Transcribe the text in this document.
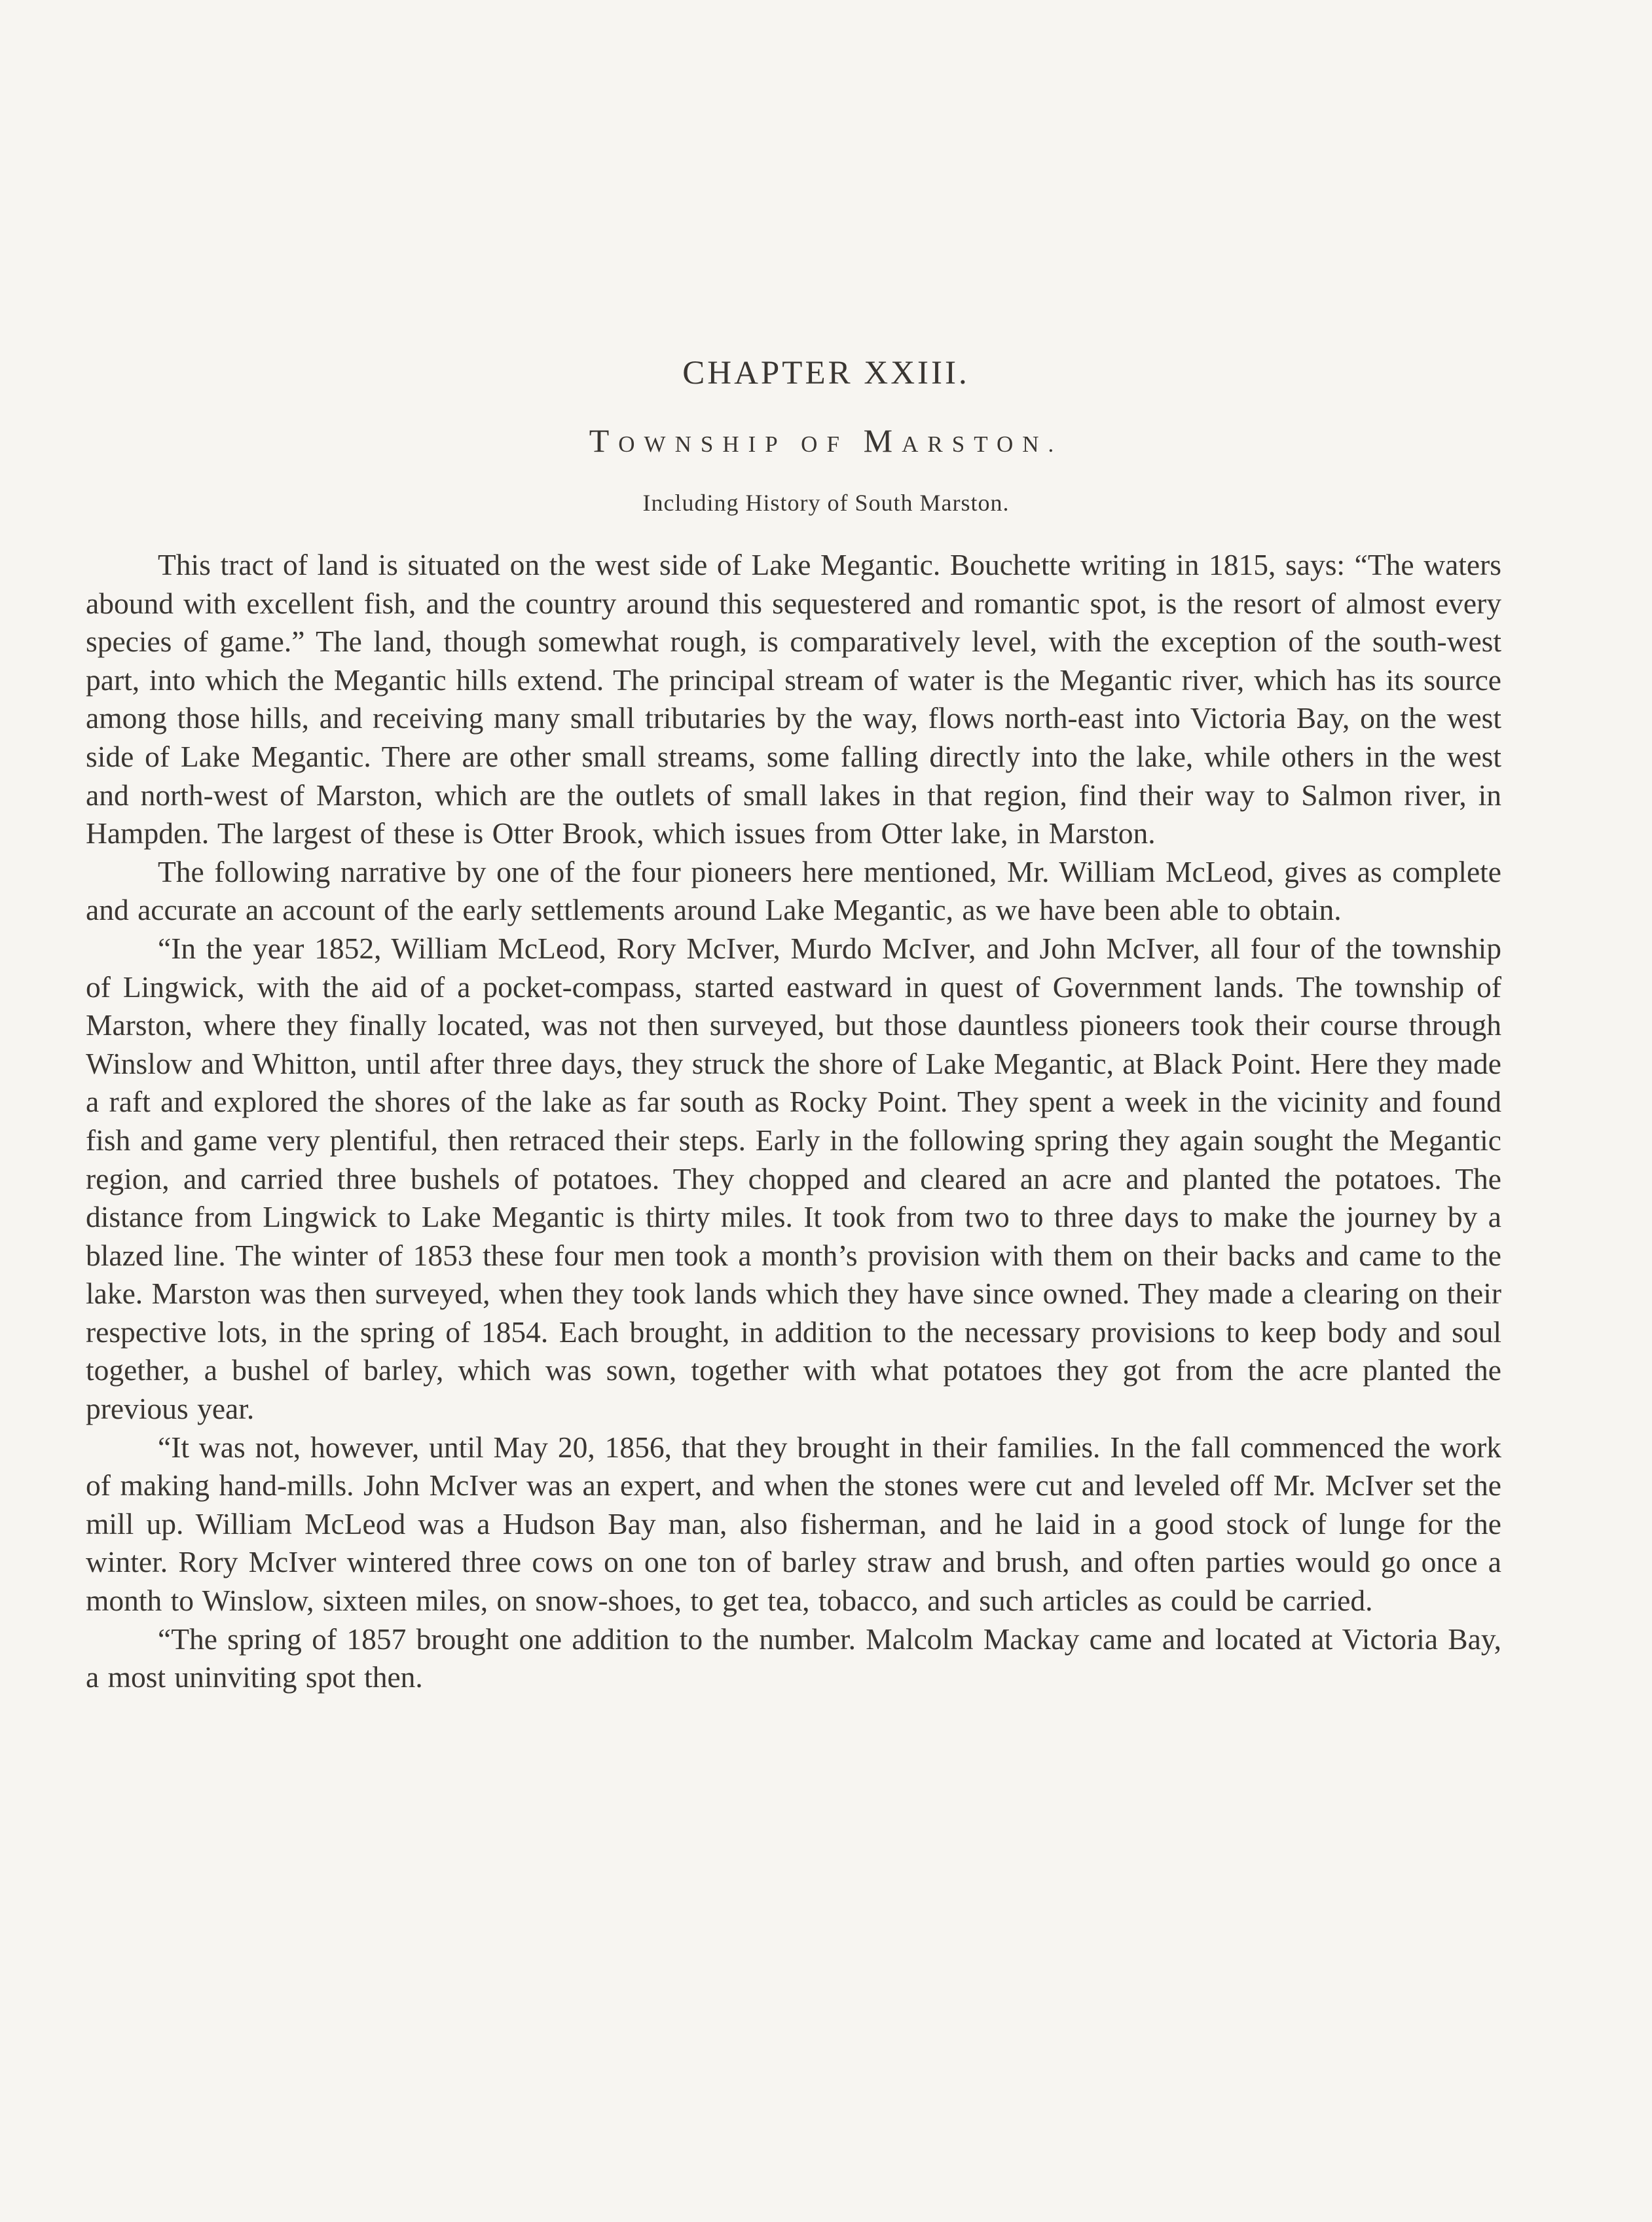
CHAPTER XXIII.
TOWNSHIP OF MARSTON.
Including History of South Marston.

This tract of land is situated on the west side of Lake Megantic. Bouchette writing in 1815, says: “The waters abound with excellent fish, and the country around this sequestered and romantic spot, is the resort of almost every species of game.” The land, though somewhat rough, is comparatively level, with the exception of the south-west part, into which the Megantic hills extend. The principal stream of water is the Megantic river, which has its source among those hills, and receiving many small tributaries by the way, flows north-east into Victoria Bay, on the west side of Lake Megantic. There are other small streams, some falling directly into the lake, while others in the west and north-west of Marston, which are the outlets of small lakes in that region, find their way to Salmon river, in Hampden. The largest of these is Otter Brook, which issues from Otter lake, in Marston.

The following narrative by one of the four pioneers here mentioned, Mr. William McLeod, gives as complete and accurate an account of the early settlements around Lake Megantic, as we have been able to obtain.

“In the year 1852, William McLeod, Rory McIver, Murdo McIver, and John McIver, all four of the township of Lingwick, with the aid of a pocket-compass, started eastward in quest of Government lands. The township of Marston, where they finally located, was not then surveyed, but those dauntless pioneers took their course through Winslow and Whitton, until after three days, they struck the shore of Lake Megantic, at Black Point. Here they made a raft and explored the shores of the lake as far south as Rocky Point. They spent a week in the vicinity and found fish and game very plentiful, then retraced their steps. Early in the following spring they again sought the Megantic region, and carried three bushels of potatoes. They chopped and cleared an acre and planted the potatoes. The distance from Lingwick to Lake Megantic is thirty miles. It took from two to three days to make the journey by a blazed line. The winter of 1853 these four men took a month’s provision with them on their backs and came to the lake. Marston was then surveyed, when they took lands which they have since owned. They made a clearing on their respective lots, in the spring of 1854. Each brought, in addition to the necessary provisions to keep body and soul together, a bushel of barley, which was sown, together with what potatoes they got from the acre planted the previous year.

“It was not, however, until May 20, 1856, that they brought in their families. In the fall commenced the work of making hand-mills. John McIver was an expert, and when the stones were cut and leveled off Mr. McIver set the mill up. William McLeod was a Hudson Bay man, also fisherman, and he laid in a good stock of lunge for the winter. Rory McIver wintered three cows on one ton of barley straw and brush, and often parties would go once a month to Winslow, sixteen miles, on snow-shoes, to get tea, tobacco, and such articles as could be carried.

“The spring of 1857 brought one addition to the number. Malcolm Mackay came and located at Victoria Bay, a most uninviting spot then.
